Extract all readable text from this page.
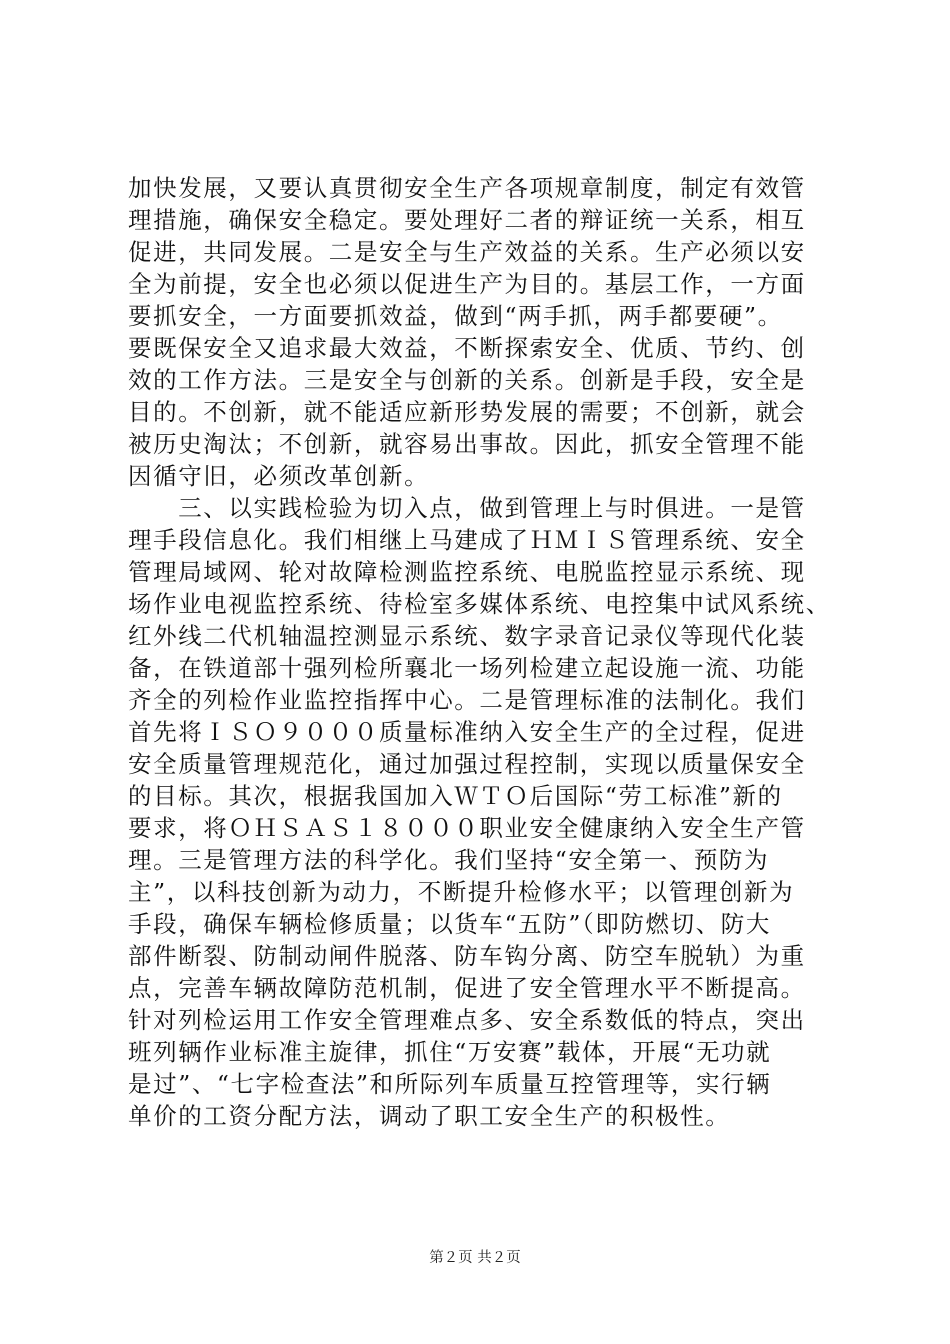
加快发展，又要认真贯彻安全生产各项规章制度，制定有效管
理措施，确保安全稳定。要处理好二者的辩证统一关系，相互
促进，共同发展。二是安全与生产效益的关系。生产必须以安
全为前提，安全也必须以促进生产为目的。基层工作，一方面
要抓安全，一方面要抓效益，做到“两手抓，两手都要硬”。
要既保安全又追求最大效益，不断探索安全、优质、节约、创
效的工作方法。三是安全与创新的关系。创新是手段，安全是
目的。不创新，就不能适应新形势发展的需要；不创新，就会
被历史淘汰；不创新，就容易出事故。因此，抓安全管理不能
因循守旧，必须改革创新。
　　三、以实践检验为切入点，做到管理上与时俱进。一是管
理手段信息化。我们相继上马建成了ＨＭＩＳ管理系统、安全
管理局域网、轮对故障检测监控系统、电脱监控显示系统、现
场作业电视监控系统、待检室多媒体系统、电控集中试风系统、
红外线二代机轴温控测显示系统、数字录音记录仪等现代化装
备，在铁道部十强列检所襄北一场列检建立起设施一流、功能
齐全的列检作业监控指挥中心。二是管理标准的法制化。我们
首先将ＩＳＯ９０００质量标准纳入安全生产的全过程，促进
安全质量管理规范化，通过加强过程控制，实现以质量保安全
的目标。其次，根据我国加入ＷＴＯ后国际“劳工标准”新的
要求，将ＯＨＳＡＳ１８０００职业安全健康纳入安全生产管
理。三是管理方法的科学化。我们坚持“安全第一、预防为
主”，以科技创新为动力，不断提升检修水平；以管理创新为
手段，确保车辆检修质量；以货车“五防”（即防燃切、防大
部件断裂、防制动闸件脱落、防车钩分离、防空车脱轨）为重
点，完善车辆故障防范机制，促进了安全管理水平不断提高。
针对列检运用工作安全管理难点多、安全系数低的特点，突出
班列辆作业标准主旋律，抓住“万安赛”载体，开展“无功就
是过”、“七字检查法”和所际列车质量互控管理等，实行辆
单价的工资分配方法，调动了职工安全生产的积极性。
第２页 共２页
